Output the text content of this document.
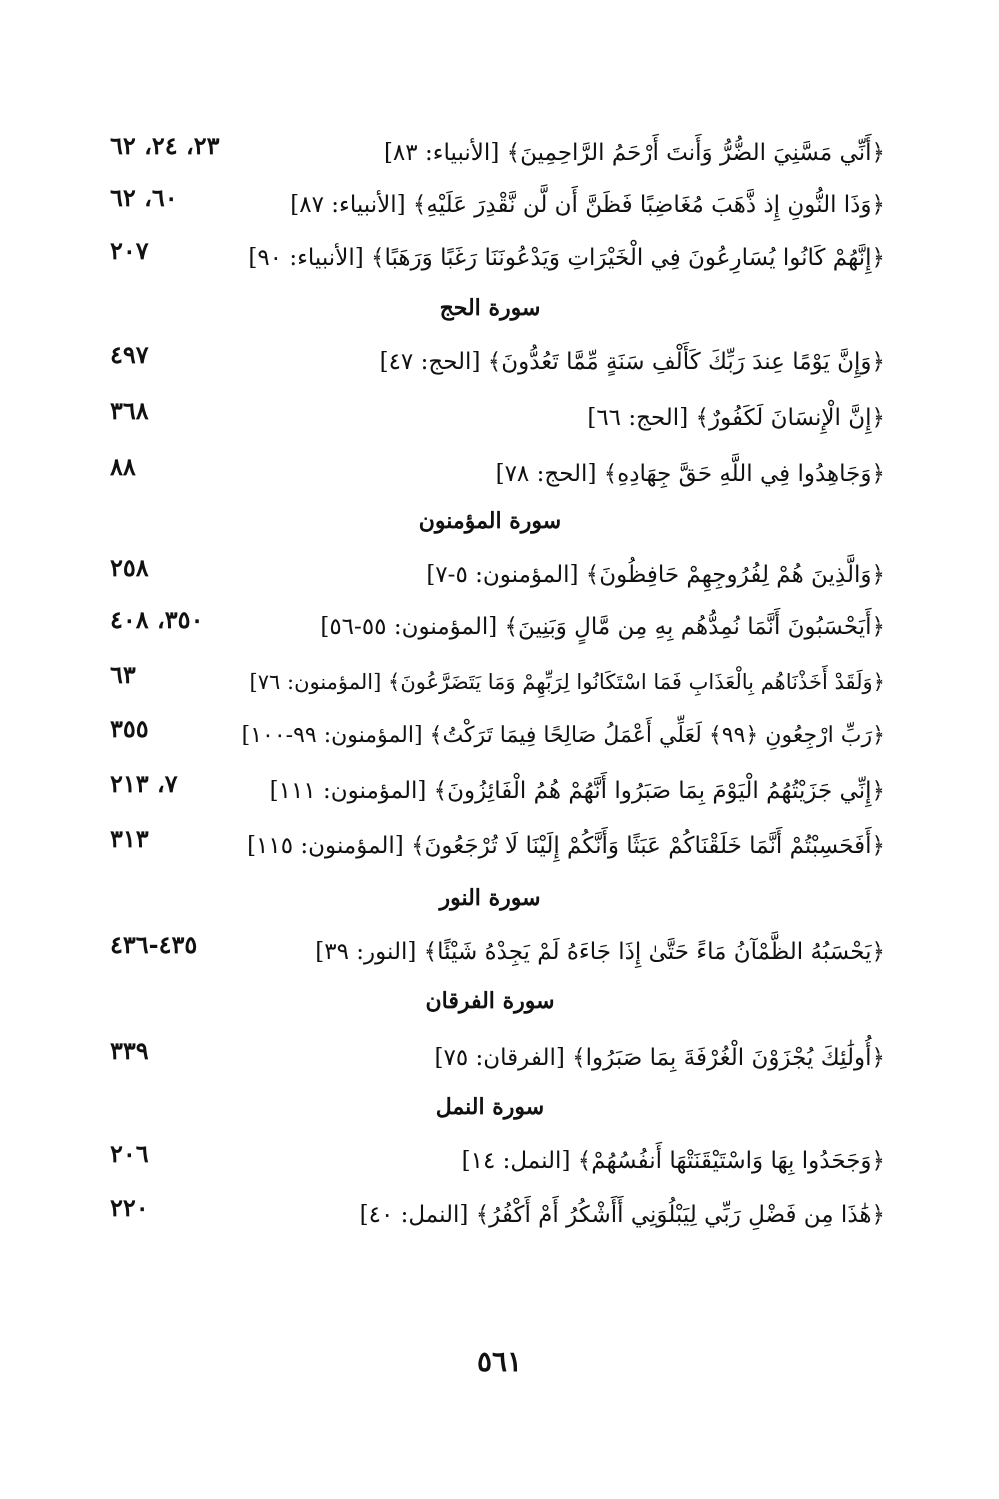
﴿أَنِّي مَسَّنِيَ الضُّرُّ وَأَنتَ أَرْحَمُ الرَّاحِمِينَ﴾ [الأنبياء: ٨٣]
٢٣، ٢٤، ٦٢
﴿وَذَا النُّونِ إِذ ذَّهَبَ مُغَاضِبًا فَظَنَّ أَن لَّن نَّقْدِرَ عَلَيْهِ﴾ [الأنبياء: ٨٧]
٦٠، ٦٢
﴿إِنَّهُمْ كَانُوا يُسَارِعُونَ فِي الْخَيْرَاتِ وَيَدْعُونَنَا رَغَبًا وَرَهَبًا﴾ [الأنبياء: ٩٠]
٢٠٧
سورة الحج
﴿وَإِنَّ يَوْمًا عِندَ رَبِّكَ كَأَلْفِ سَنَةٍ مِّمَّا تَعُدُّونَ﴾ [الحج: ٤٧]
٤٩٧
﴿إِنَّ الْإِنسَانَ لَكَفُورٌ﴾ [الحج: ٦٦]
٣٦٨
﴿وَجَاهِدُوا فِي اللَّهِ حَقَّ جِهَادِهِ﴾ [الحج: ٧٨]
٨٨
سورة المؤمنون
﴿وَالَّذِينَ هُمْ لِفُرُوجِهِمْ حَافِظُونَ﴾ [المؤمنون: ٥-٧]
٢٥٨
﴿أَيَحْسَبُونَ أَنَّمَا نُمِدُّهُم بِهِ مِن مَّالٍ وَبَنِينَ﴾ [المؤمنون: ٥٥-٥٦]
٣٥٠، ٤٠٨
﴿وَلَقَدْ أَخَذْنَاهُم بِالْعَذَابِ فَمَا اسْتَكَانُوا لِرَبِّهِمْ وَمَا يَتَضَرَّعُونَ﴾ [المؤمنون: ٧٦]
٦٣
﴿رَبِّ ارْجِعُونِ ﴿٩٩﴾ لَعَلِّي أَعْمَلُ صَالِحًا فِيمَا تَرَكْتُ﴾ [المؤمنون: ٩٩-١٠٠]
٣٥٥
﴿إِنِّي جَزَيْتُهُمُ الْيَوْمَ بِمَا صَبَرُوا أَنَّهُمْ هُمُ الْفَائِزُونَ﴾ [المؤمنون: ١١١]
٧، ٢١٣
﴿أَفَحَسِبْتُمْ أَنَّمَا خَلَقْنَاكُمْ عَبَثًا وَأَنَّكُمْ إِلَيْنَا لَا تُرْجَعُونَ﴾ [المؤمنون: ١١٥]
٣١٣
سورة النور
﴿يَحْسَبُهُ الظَّمْآنُ مَاءً حَتَّىٰ إِذَا جَاءَهُ لَمْ يَجِدْهُ شَيْئًا﴾ [النور: ٣٩]
٤٣٥-٤٣٦
سورة الفرقان
﴿أُولَٰئِكَ يُجْزَوْنَ الْغُرْفَةَ بِمَا صَبَرُوا﴾ [الفرقان: ٧٥]
٣٣٩
سورة النمل
﴿وَجَحَدُوا بِهَا وَاسْتَيْقَنَتْهَا أَنفُسُهُمْ﴾ [النمل: ١٤]
٢٠٦
﴿هَٰذَا مِن فَضْلِ رَبِّي لِيَبْلُوَنِي أَأَشْكُرُ أَمْ أَكْفُرُ﴾ [النمل: ٤٠]
٢٢٠
٥٦١
